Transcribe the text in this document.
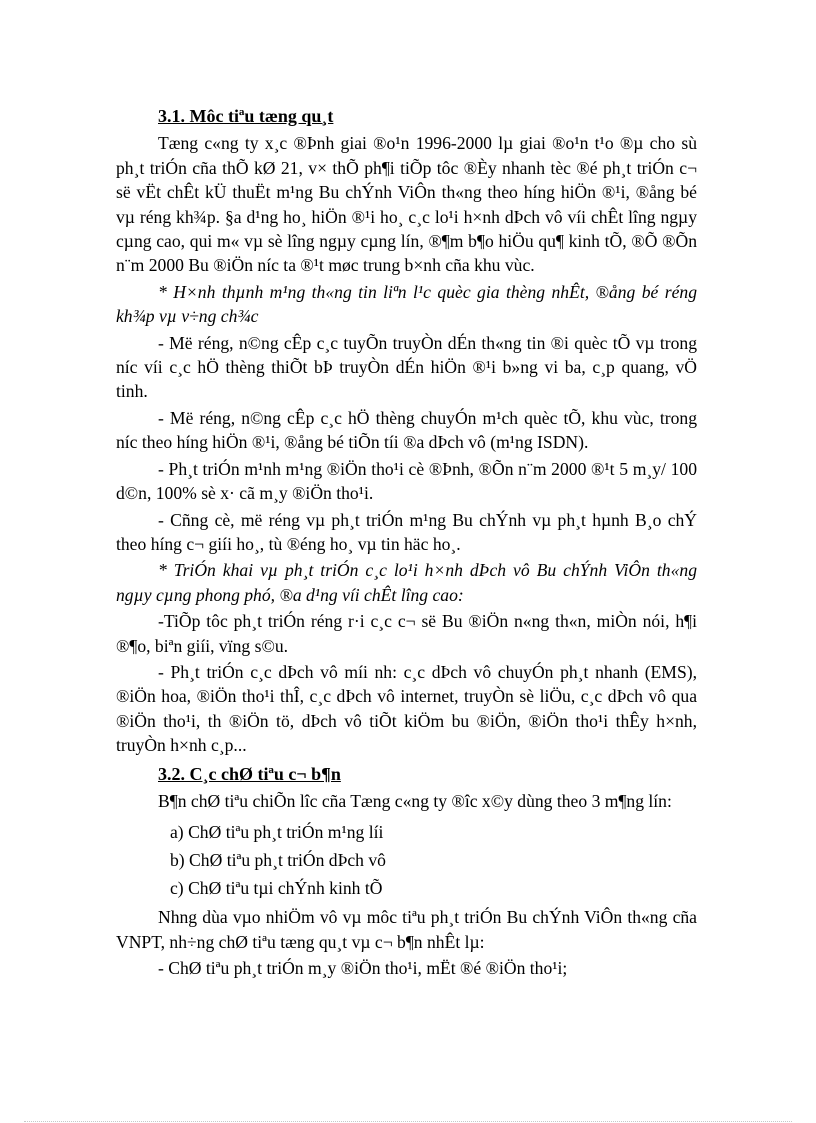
3.1. Môc tiªu tæng qu¸t

Tæng c«ng ty x¸c ®Þnh giai ®o¹n 1996-2000 lµ giai ®o¹n t¹o ®µ cho sù ph¸t triÓn cña thÕ kØ 21, v× thÕ ph¶i tiÕp tôc ®Èy nhanh tèc ®é ph¸t triÓn c¬ së vËt chÊt kÜ thuËt m¹ng Bu chÝnh ViÔn th«ng theo híng hiÖn ®¹i, ®ång bé vµ réng kh¾p. §a d¹ng ho¸ hiÖn ®¹i ho¸ c¸c lo¹i h×nh dÞch vô víi chÊt lîng ngµy cµng cao, qui m« vµ sè lîng ngµy cµng lín, ®¶m b¶o hiÖu qu¶ kinh tÕ, ®Õ ®Õn n¨m 2000 Bu ®iÖn níc ta ®¹t møc trung b×nh cña khu vùc.

* H×nh thµnh m¹ng th«ng tin liªn l¹c quèc gia thèng nhÊt, ®ång bé réng kh¾p vµ v÷ng ch¾c

- Më réng, n©ng cÊp c¸c tuyÕn truyÒn dÉn th«ng tin ®i quèc tÕ vµ trong níc víi c¸c hÖ thèng thiÕt bÞ truyÒn dÉn hiÖn ®¹i b»ng vi ba, c¸p quang, vÖ tinh.

- Më réng, n©ng cÊp c¸c hÖ thèng chuyÓn m¹ch quèc tÕ, khu vùc, trong níc theo híng hiÖn ®¹i, ®ång bé tiÕn tíi ®a dÞch vô (m¹ng ISDN).

- Ph¸t triÓn m¹nh m¹ng ®iÖn tho¹i cè ®Þnh, ®Õn n¨m 2000 ®¹t 5 m¸y/ 100 d©n, 100% sè x· cã m¸y ®iÖn tho¹i.

- Cñng cè, më réng vµ ph¸t triÓn m¹ng Bu chÝnh vµ ph¸t hµnh B¸o chÝ theo híng c¬ giíi ho¸, tù ®éng ho¸ vµ tin häc ho¸.

* TriÓn khai vµ ph¸t triÓn c¸c lo¹i h×nh dÞch vô Bu chÝnh ViÔn th«ng ngµy cµng phong phó, ®a d¹ng víi chÊt lîng cao:

-TiÕp tôc ph¸t triÓn réng r·i c¸c c¬ së Bu ®iÖn n«ng th«n, miÒn nói, h¶i ®¶o, biªn giíi, vïng s©u.

- Ph¸t triÓn c¸c dÞch vô míi nh: c¸c dÞch vô chuyÓn ph¸t nhanh (EMS), ®iÖn hoa, ®iÖn tho¹i thÎ, c¸c dÞch vô internet, truyÒn sè liÖu, c¸c dÞch vô qua ®iÖn tho¹i, th ®iÖn tö, dÞch vô tiÕt kiÖm bu ®iÖn, ®iÖn tho¹i thÊy h×nh, truyÒn h×nh c¸p...

3.2. C¸c chØ tiªu c¬ b¶n

B¶n chØ tiªu chiÕn lîc cña Tæng c«ng ty ®îc x©y dùng theo 3 m¶ng lín:

a) ChØ tiªu ph¸t triÓn m¹ng líi
b) ChØ tiªu ph¸t triÓn dÞch vô
c) ChØ tiªu tµi chÝnh kinh tÕ

Nhng dùa vµo nhiÖm vô vµ môc tiªu ph¸t triÓn Bu chÝnh ViÔn th«ng cña VNPT, nh÷ng chØ tiªu tæng qu¸t vµ c¬ b¶n nhÊt lµ:

- ChØ tiªu ph¸t triÓn m¸y ®iÖn tho¹i, mËt ®é ®iÖn tho¹i;
